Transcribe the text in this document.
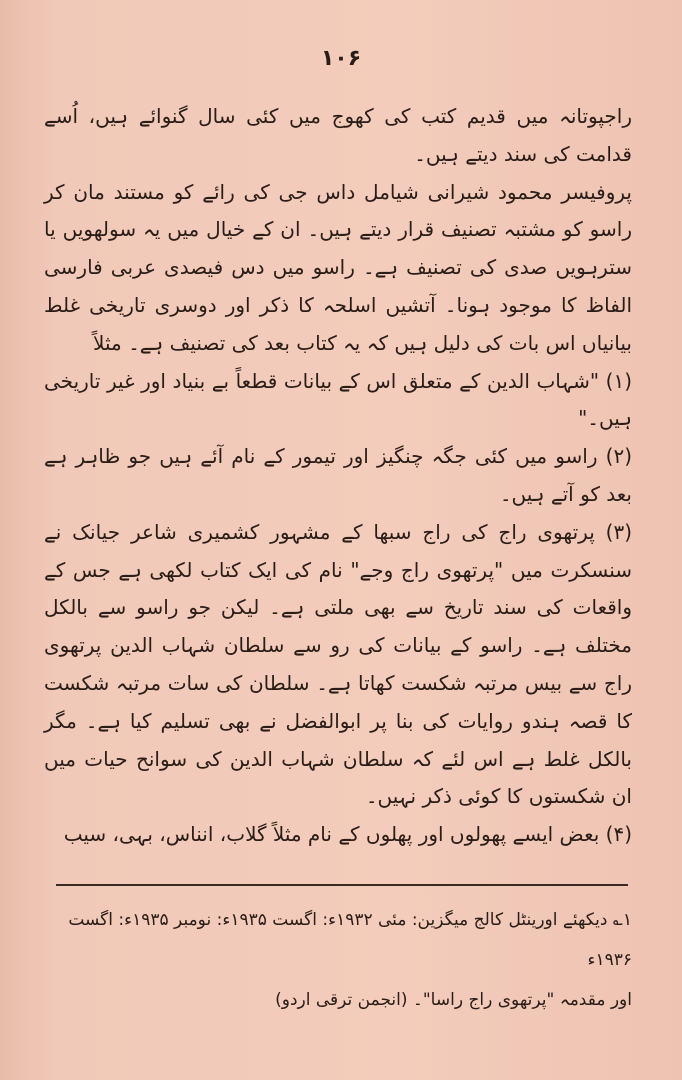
۱۰۶

راجپوتانہ میں قدیم کتب کی کھوج میں کئی سال گنوائے ہیں، اُسے قدامت کی سند دیتے ہیں۔

پروفیسر محمود شیرانی شیامل داس جی کی رائے کو مستند مان کر راسو کو مشتبہ تصنیف قرار دیتے ہیں۔ ان کے خیال میں یہ سولھویں یا سترہویں صدی کی تصنیف ہے۔ راسو میں دس فیصدی عربی فارسی الفاظ کا موجود ہونا۔ آتشیں اسلحہ کا ذکر اور دوسری تاریخی غلط بیانیاں اس بات کی دلیل ہیں کہ یہ کتاب بعد کی تصنیف ہے۔ مثلاً

(۱) "شہاب الدین کے متعلق اس کے بیانات قطعاً بے بنیاد اور غیر تاریخی ہیں۔"

(۲) راسو میں کئی جگہ چنگیز اور تیمور کے نام آئے ہیں جو ظاہر ہے بعد کو آتے ہیں۔

(۳) پرتھوی راج کی راج سبھا کے مشہور کشمیری شاعر جیانک نے سنسکرت میں "پرتھوی راج وجے" نام کی ایک کتاب لکھی ہے جس کے واقعات کی سند تاریخ سے بھی ملتی ہے۔ لیکن جو راسو سے بالکل مختلف ہے۔ راسو کے بیانات کی رو سے سلطان شہاب الدین پرتھوی راج سے بیس مرتبہ شکست کھاتا ہے۔ سلطان کی سات مرتبہ شکست کا قصہ ہندو روایات کی بنا پر ابوالفضل نے بھی تسلیم کیا ہے۔ مگر بالکل غلط ہے اس لئے کہ سلطان شہاب الدین کی سوانح حیات میں ان شکستوں کا کوئی ذکر نہیں۔

(۴) بعض ایسے پھولوں اور پھلوں کے نام مثلاً گلاب، انناس، بہی، سیب

۱؎ دیکھئے اورینٹل کالج میگزین: مئی ۱۹۳۲ء: اگست ۱۹۳۵ء: نومبر ۱۹۳۵ء: اگست ۱۹۳۶ء

اور مقدمہ "پرتھوی راج راسا"۔ (انجمن ترقی اردو)
